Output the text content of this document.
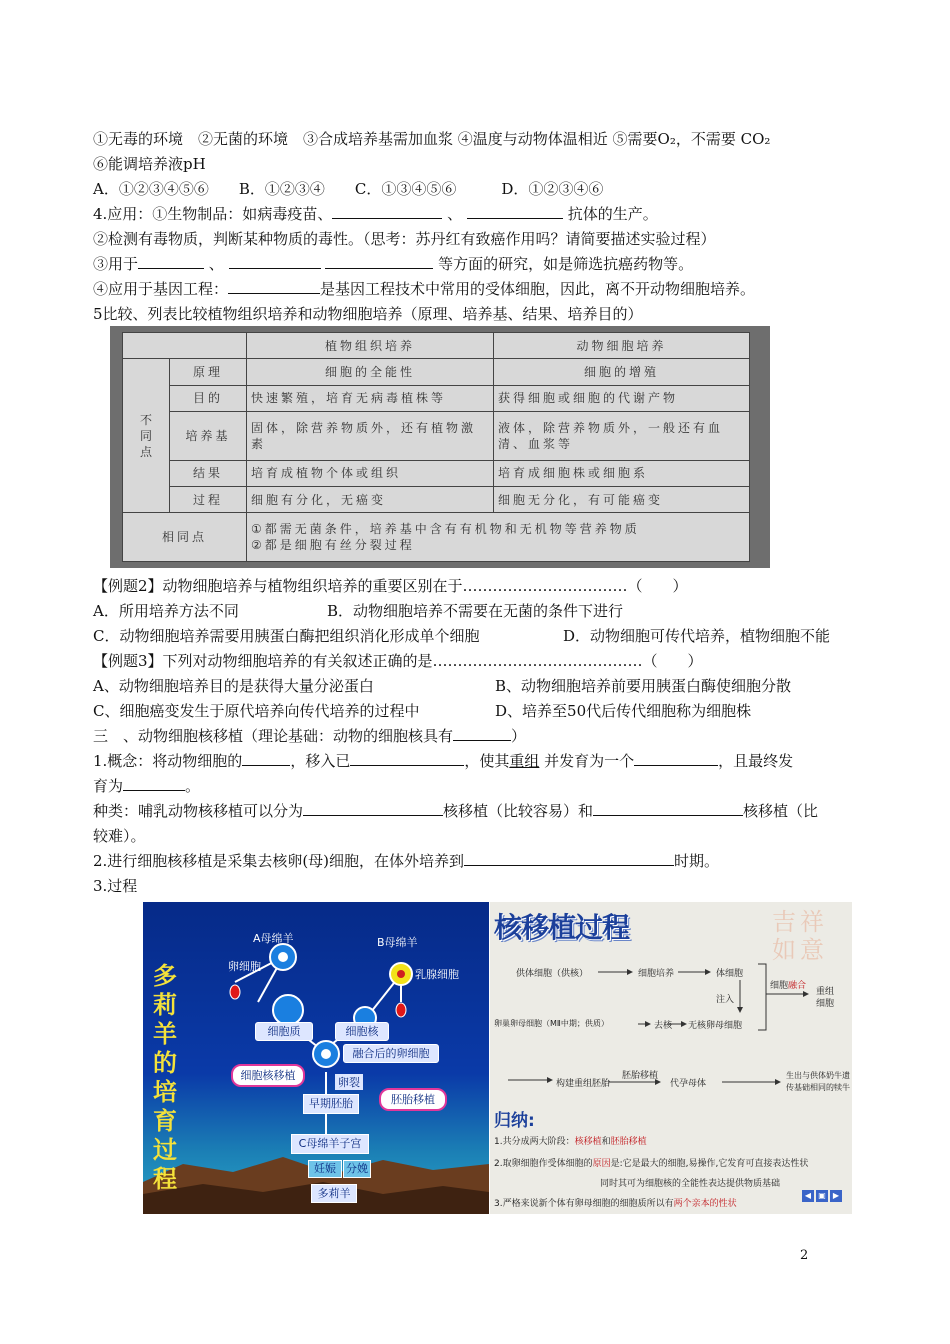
①无毒的环境　②无菌的环境　③合成培养基需加血浆 ④温度与动物体温相近 ⑤需要O₂，不需要 CO₂
⑥能调培养液pH
A．①②③④⑤⑥　　B．①②③④　　C．①③④⑤⑥　　　D．①②③④⑥
4.应用：①生物制品：如病毒疫苗、	、	抗体的生产。
②检测有毒物质，判断某种物质的毒性。（思考：苏丹红有致癌作用吗？请简要描述实验过程）
③用于	、	等方面的研究，如是筛选抗癌药物等。
④应用于基因工程：	是基因工程技术中常用的受体细胞，因此，离不开动物细胞培养。
5比较、列表比较植物组织培养和动物细胞培养（原理、培养基、结果、培养目的）
		植物组织培养	动物细胞培养
不同点	原理	细胞的全能性	细胞的增殖
	目的	快速繁殖，培育无病毒植株等	获得细胞或细胞的代谢产物
	培养基	固体，除营养物质外，还有植物激素	液体，除营养物质外，一般还有血清、血浆等
	结果	培育成植物个体或组织	培育成细胞株或细胞系
	过程	细胞有分化，无癌变	细胞无分化，有可能癌变
相同点		①都需无菌条件，培养基中含有有机物和无机物等营养物质
②都是细胞有丝分裂过程	
【例题2】动物细胞培养与植物组织培养的重要区别在于……………………………（　　）
A．所用培养方法不同	B．动物细胞培养不需要在无菌的条件下进行
C．动物细胞培养需要用胰蛋白酶把组织消化形成单个细胞	D．动物细胞可传代培养，植物细胞不能
【例题3】下列对动物细胞培养的有关叙述正确的是……………………………………（　　）
A、动物细胞培养目的是获得大量分泌蛋白	B、动物细胞培养前要用胰蛋白酶使细胞分散
C、细胞癌变发生于原代培养向传代培养的过程中	D、培养至50代后传代细胞称为细胞株
三　、动物细胞核移植（理论基础：动物的细胞核具有	）
1.概念：将动物细胞的	，移入已	，使其重组 并发育为一个	，且最终发
育为	。
种类：哺乳动物核移植可以分为	核移植（比较容易）和	核移植（比
较难）。
2.进行细胞核移植是采集去核卵(母)细胞，在体外培养到	时期。
3.过程
多莉羊的培育过程
A母绵羊	B母绵羊
卵细胞
乳腺细胞
细胞质	细胞核
融合后的卵细胞
细胞核移植
卵裂
早期胚胎	胚胎移植
C母绵羊子宫
妊娠 分娩
多莉羊
核移植过程	吉祥如意
供体细胞（供核）	细胞培养	体细胞
注入
细胞融合
重组细胞
卵巢卵母细胞（MⅡ中期；供质）	去核 无核卵母细胞
构建重组胚胎
胚胎移植
代孕母体
生出与供体奶牛遗传基础相同的犊牛
归纳:
1.共分成两大阶段：核移植和胚胎移植
2.取卵细胞作受体细胞的原因是:它是最大的细胞,易操作,它发育可直接表达性状
同时其可为细胞核的全能性表达提供物质基础
3.严格来说新个体有卵母细胞的细胞质所以有两个亲本的性状
◀ ▣ ▶
2
